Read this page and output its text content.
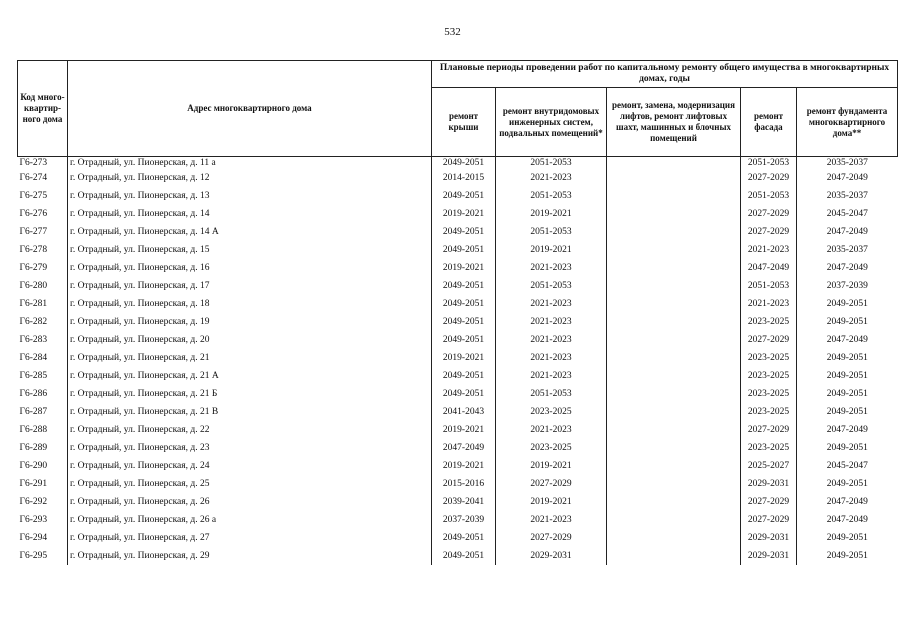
532
Код много-квартир-ного дома	Адрес многоквартирного дома	Плановые периоды проведении работ по капитальному ремонту общего имущества в многоквартирных домах, годы				
		ремонт крыши	ремонт внутридомовых инженерных систем, подвальных помещений*	ремонт, замена, модернизация лифтов, ремонт лифтовых шахт, машинных и блочных помещений	ремонт фасада	ремонт фундамента многоквартирного дома**
Г6-273	г. Отрадный, ул. Пионерская, д. 11 а	2049-2051	2051-2053		2051-2053	2035-2037
Г6-274	г. Отрадный, ул. Пионерская, д. 12	2014-2015	2021-2023		2027-2029	2047-2049
Г6-275	г. Отрадный, ул. Пионерская, д. 13	2049-2051	2051-2053		2051-2053	2035-2037
Г6-276	г. Отрадный, ул. Пионерская, д. 14	2019-2021	2019-2021		2027-2029	2045-2047
Г6-277	г. Отрадный, ул. Пионерская, д. 14 А	2049-2051	2051-2053		2027-2029	2047-2049
Г6-278	г. Отрадный, ул. Пионерская, д. 15	2049-2051	2019-2021		2021-2023	2035-2037
Г6-279	г. Отрадный, ул. Пионерская, д. 16	2019-2021	2021-2023		2047-2049	2047-2049
Г6-280	г. Отрадный, ул. Пионерская, д. 17	2049-2051	2051-2053		2051-2053	2037-2039
Г6-281	г. Отрадный, ул. Пионерская, д. 18	2049-2051	2021-2023		2021-2023	2049-2051
Г6-282	г. Отрадный, ул. Пионерская, д. 19	2049-2051	2021-2023		2023-2025	2049-2051
Г6-283	г. Отрадный, ул. Пионерская, д. 20	2049-2051	2021-2023		2027-2029	2047-2049
Г6-284	г. Отрадный, ул. Пионерская, д. 21	2019-2021	2021-2023		2023-2025	2049-2051
Г6-285	г. Отрадный, ул. Пионерская, д. 21 А	2049-2051	2021-2023		2023-2025	2049-2051
Г6-286	г. Отрадный, ул. Пионерская, д. 21 Б	2049-2051	2051-2053		2023-2025	2049-2051
Г6-287	г. Отрадный, ул. Пионерская, д. 21 В	2041-2043	2023-2025		2023-2025	2049-2051
Г6-288	г. Отрадный, ул. Пионерская, д. 22	2019-2021	2021-2023		2027-2029	2047-2049
Г6-289	г. Отрадный, ул. Пионерская, д. 23	2047-2049	2023-2025		2023-2025	2049-2051
Г6-290	г. Отрадный, ул. Пионерская, д. 24	2019-2021	2019-2021		2025-2027	2045-2047
Г6-291	г. Отрадный, ул. Пионерская, д. 25	2015-2016	2027-2029		2029-2031	2049-2051
Г6-292	г. Отрадный, ул. Пионерская, д. 26	2039-2041	2019-2021		2027-2029	2047-2049
Г6-293	г. Отрадный, ул. Пионерская, д. 26 а	2037-2039	2021-2023		2027-2029	2047-2049
Г6-294	г. Отрадный, ул. Пионерская, д. 27	2049-2051	2027-2029		2029-2031	2049-2051
Г6-295	г. Отрадный, ул. Пионерская, д. 29	2049-2051	2029-2031		2029-2031	2049-2051
